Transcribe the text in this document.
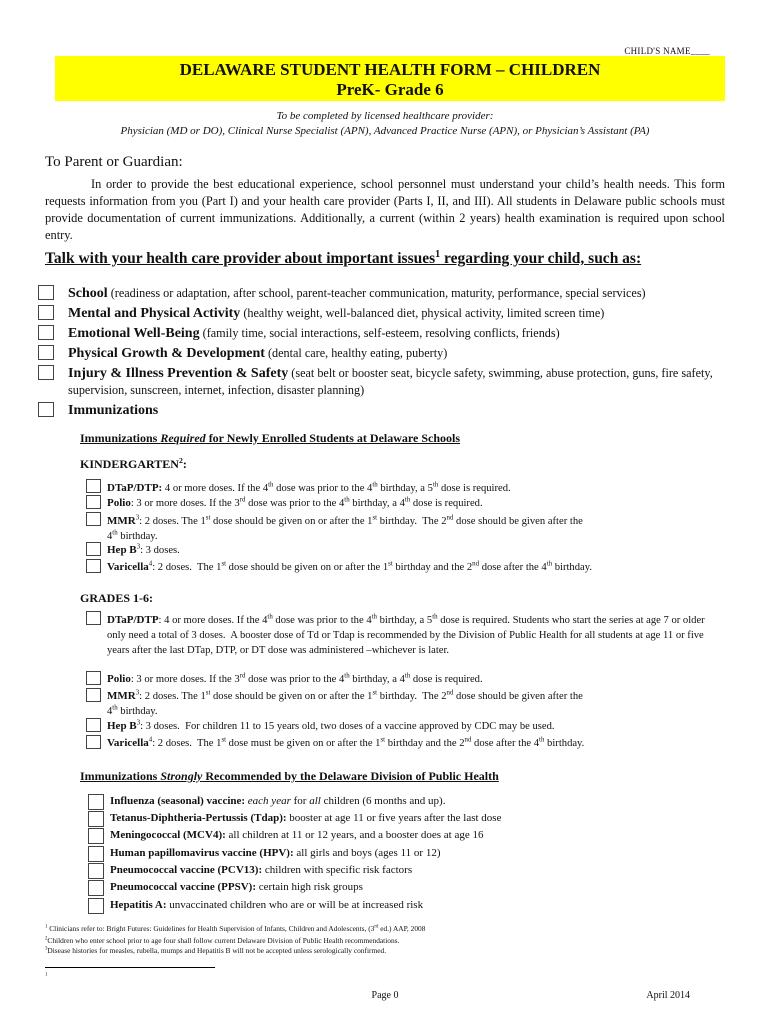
CHILD'S NAME____
DELAWARE STUDENT HEALTH FORM – CHILDREN
PreK- Grade 6
To be completed by licensed healthcare provider:
Physician (MD or DO), Clinical Nurse Specialist (APN), Advanced Practice Nurse (APN), or Physician’s Assistant (PA)
To Parent or Guardian:

In order to provide the best educational experience, school personnel must understand your child’s health needs. This form requests information from you (Part I) and your health care provider (Parts I, II, and III). All students in Delaware public schools must provide documentation of current immunizations. Additionally, a current (within 2 years) health examination is required upon school entry.

Talk with your health care provider about important issues$^1$ regarding your child, such as:
School (readiness or adaptation, after school, parent-teacher communication, maturity, performance, special services)
Mental and Physical Activity (healthy weight, well-balanced diet, physical activity, limited screen time)
Emotional Well-Being (family time, social interactions, self-esteem, resolving conflicts, friends)
Physical Growth & Development (dental care, healthy eating, puberty)
Injury & Illness Prevention & Safety (seat belt or booster seat, bicycle safety, swimming, abuse protection, guns, fire safety, supervision, sunscreen, internet, infection, disaster planning)
Immunizations
Immunizations Required for Newly Enrolled Students at Delaware Schools
KINDERGARTEN$^2$:
DTaP/DTP: 4 or more doses. If the 4th dose was prior to the 4th birthday, a 5th dose is required.
Polio: 3 or more doses. If the 3rd dose was prior to the 4th birthday, a 4th dose is required.
MMR$^3$: 2 doses. The 1st dose should be given on or after the 1st birthday.  The 2nd dose should be given after the
4th birthday.
Hep $B^3$: 3 doses.
Varicella$^4$: 2 doses.  The 1st dose should be given on or after the 1st birthday and the 2nd dose after the 4th birthday.
GRADES 1-6:
DTaP/DTP: 4 or more doses. If the 4th dose was prior to the 4th birthday, a 5th dose is required. Students who start the series at age 7 or older only need a total of 3 doses.  A booster dose of Td or Tdap is recommended by the Division of Public Health for all students at age 11 or five years after the last DTap, DTP, or DT dose was administered –whichever is later.
Polio: 3 or more doses. If the 3rd dose was prior to the 4th birthday, a 4th dose is required.
MMR$^3$: 2 doses. The 1st dose should be given on or after the 1st birthday.  The 2nd dose should be given after the
4th birthday.
Hep $B^3$: 3 doses.  For children 11 to 15 years old, two doses of a vaccine approved by CDC may be used.
Varicella$^4$: 2 doses.  The 1st dose must be given on or after the 1st birthday and the 2nd dose after the 4th birthday.
Immunizations Strongly Recommended by the Delaware Division of Public Health
Influenza (seasonal) vaccine: each year for all children (6 months and up).
Tetanus-Diphtheria-Pertussis (Tdap): booster at age 11 or five years after the last dose
Meningococcal (MCV4): all children at 11 or 12 years, and a booster does at age 16
Human papillomavirus vaccine (HPV): all girls and boys (ages 11 or 12)
Pneumococcal vaccine (PCV13): children with specific risk factors
Pneumococcal vaccine (PPSV): certain high risk groups
Hepatitis A: unvaccinated children who are or will be at increased risk
$^1$ Clinicians refer to: Bright Futures: Guidelines for Health Supervision of Infants, Children and Adolescents, (3rd ed.) AAP, 2008
$^2$Children who enter school prior to age four shall follow current Delaware Division of Public Health recommendations.
$^3$Disease histories for measles, rubella, mumps and Hepatitis B will not be accepted unless serologically confirmed.
$^1$
Page 0	April 2014
